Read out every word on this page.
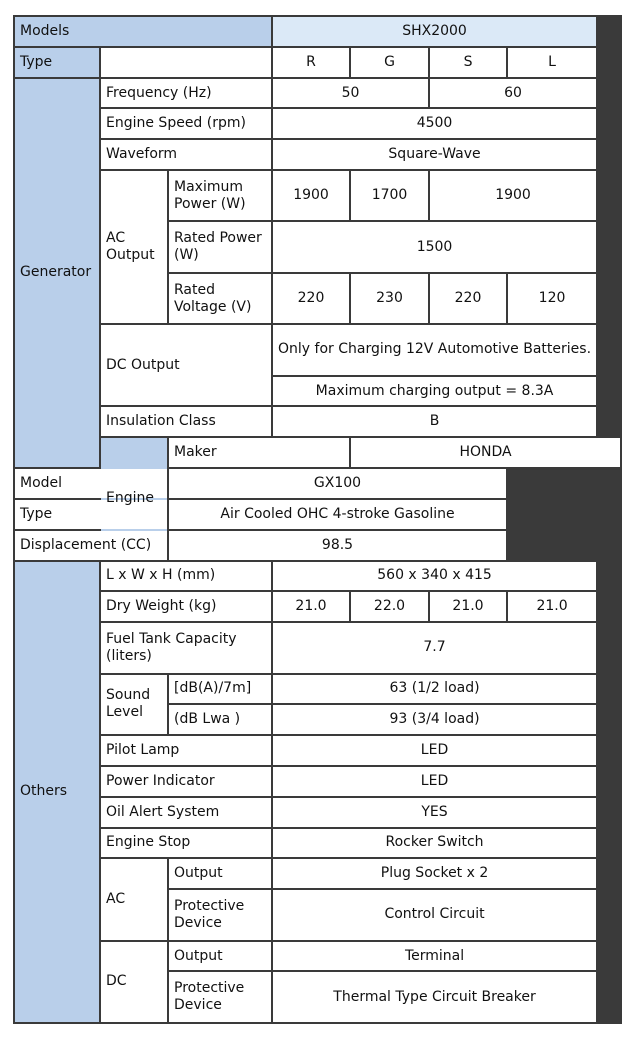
Models			SHX2000			
Type			R	G	S	L
Generator	Frequency (Hz)		50		60	
	Engine Speed (rpm)		4500			
	Waveform		Square-Wave			
	AC Output	Maximum Power (W)	1900	1700	1900	
		Rated Power (W)	1500			
		Rated Voltage (V)	220	230	220	120
	DC Output		Only for Charging 12V Automotive Batteries.			
			Maximum charging output = 8.3A			
	Insulation Class		B			
	Engine	Maker		HONDA		
Model		GX100				
Type		Air Cooled OHC 4-stroke Gasoline				
Displacement (CC)		98.5				
Others	L x W x H (mm)		560 x 340 x 415			
	Dry Weight (kg)		21.0	22.0	21.0	21.0
	Fuel Tank Capacity (liters)		7.7			
	Sound Level	[dB(A)/7m]	63 (1/2 load)			
		(dB Lwa )	93 (3/4 load)			
	Pilot Lamp		LED			
	Power Indicator		LED			
	Oil Alert System		YES			
	Engine Stop		Rocker Switch			
	AC	Output	Plug Socket x 2			
		Protective Device	Control Circuit			
	DC	Output	Terminal			
		Protective Device	Thermal Type Circuit Breaker			
